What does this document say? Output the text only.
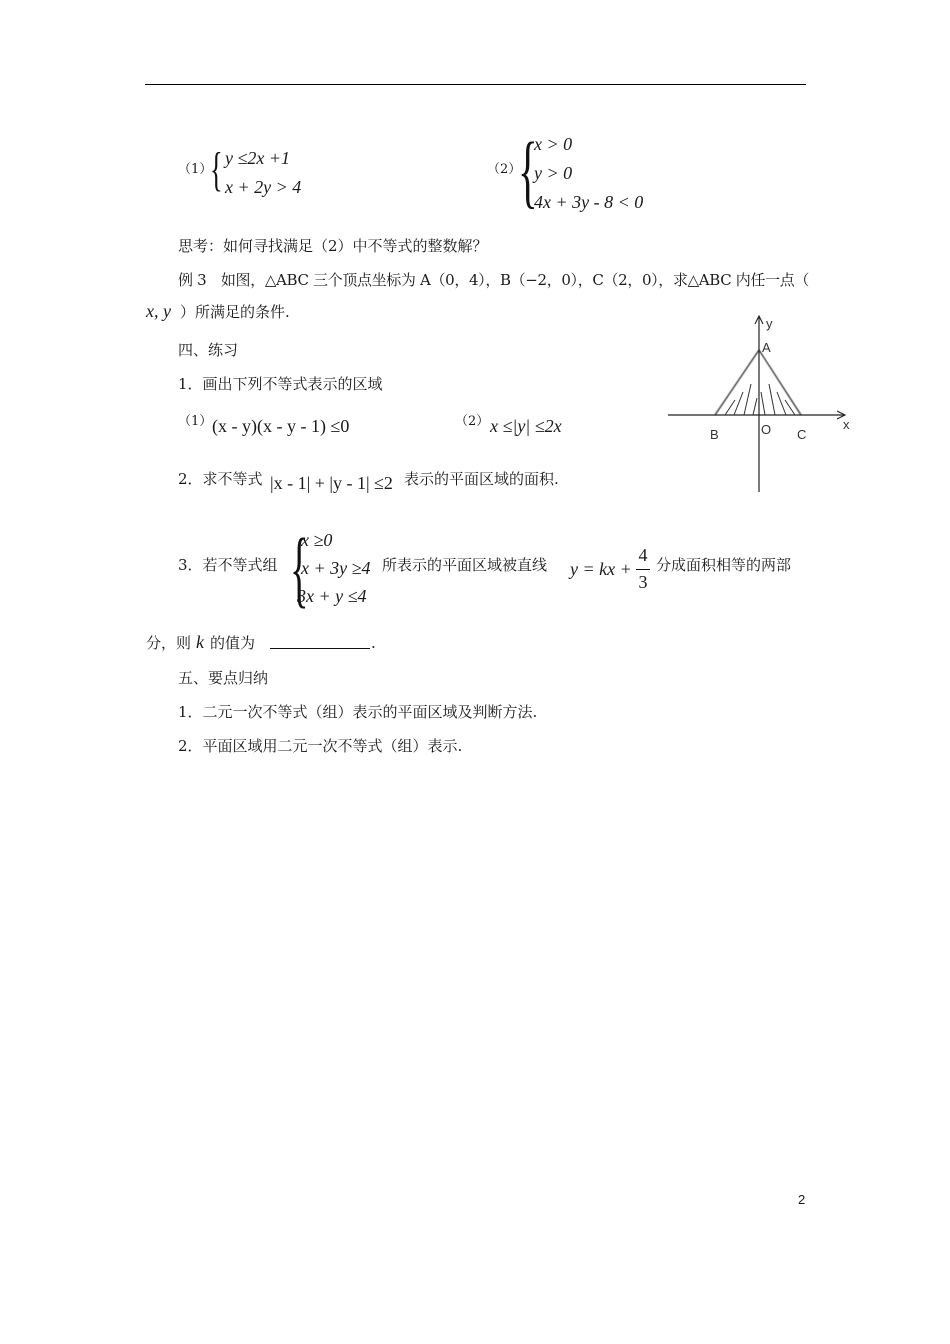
（1）
{ y ≤2x +1
x + 2y > 4
（2）
{
x > 0
y > 0
4x + 3y - 8 < 0
思考：如何寻找满足（2）中不等式的整数解？
例 3　如图，△ABC 三个顶点坐标为 A（0，4），B（−2，0），C（2，0），求△ABC 内任一点（
x, y ）所满足的条件.
y
x
A
B	O C
四、练习
1．画出下列不等式表示的区域
（1） (x - y)(x - y - 1) ≤0	（2） x ≤|y| ≤2x
2．求不等式 |x - 1| + |y - 1| ≤2 表示的平面区域的面积.
3．若不等式组 {
x ≥0
x + 3y ≥4
3x + y ≤4
所表示的平面区域被直线 y = kx +
4
3
分成面积相等的两部
分，则 k 的值为	.
五、要点归纳
1．二元一次不等式（组）表示的平面区域及判断方法.
2．平面区域用二元一次不等式（组）表示.
2
